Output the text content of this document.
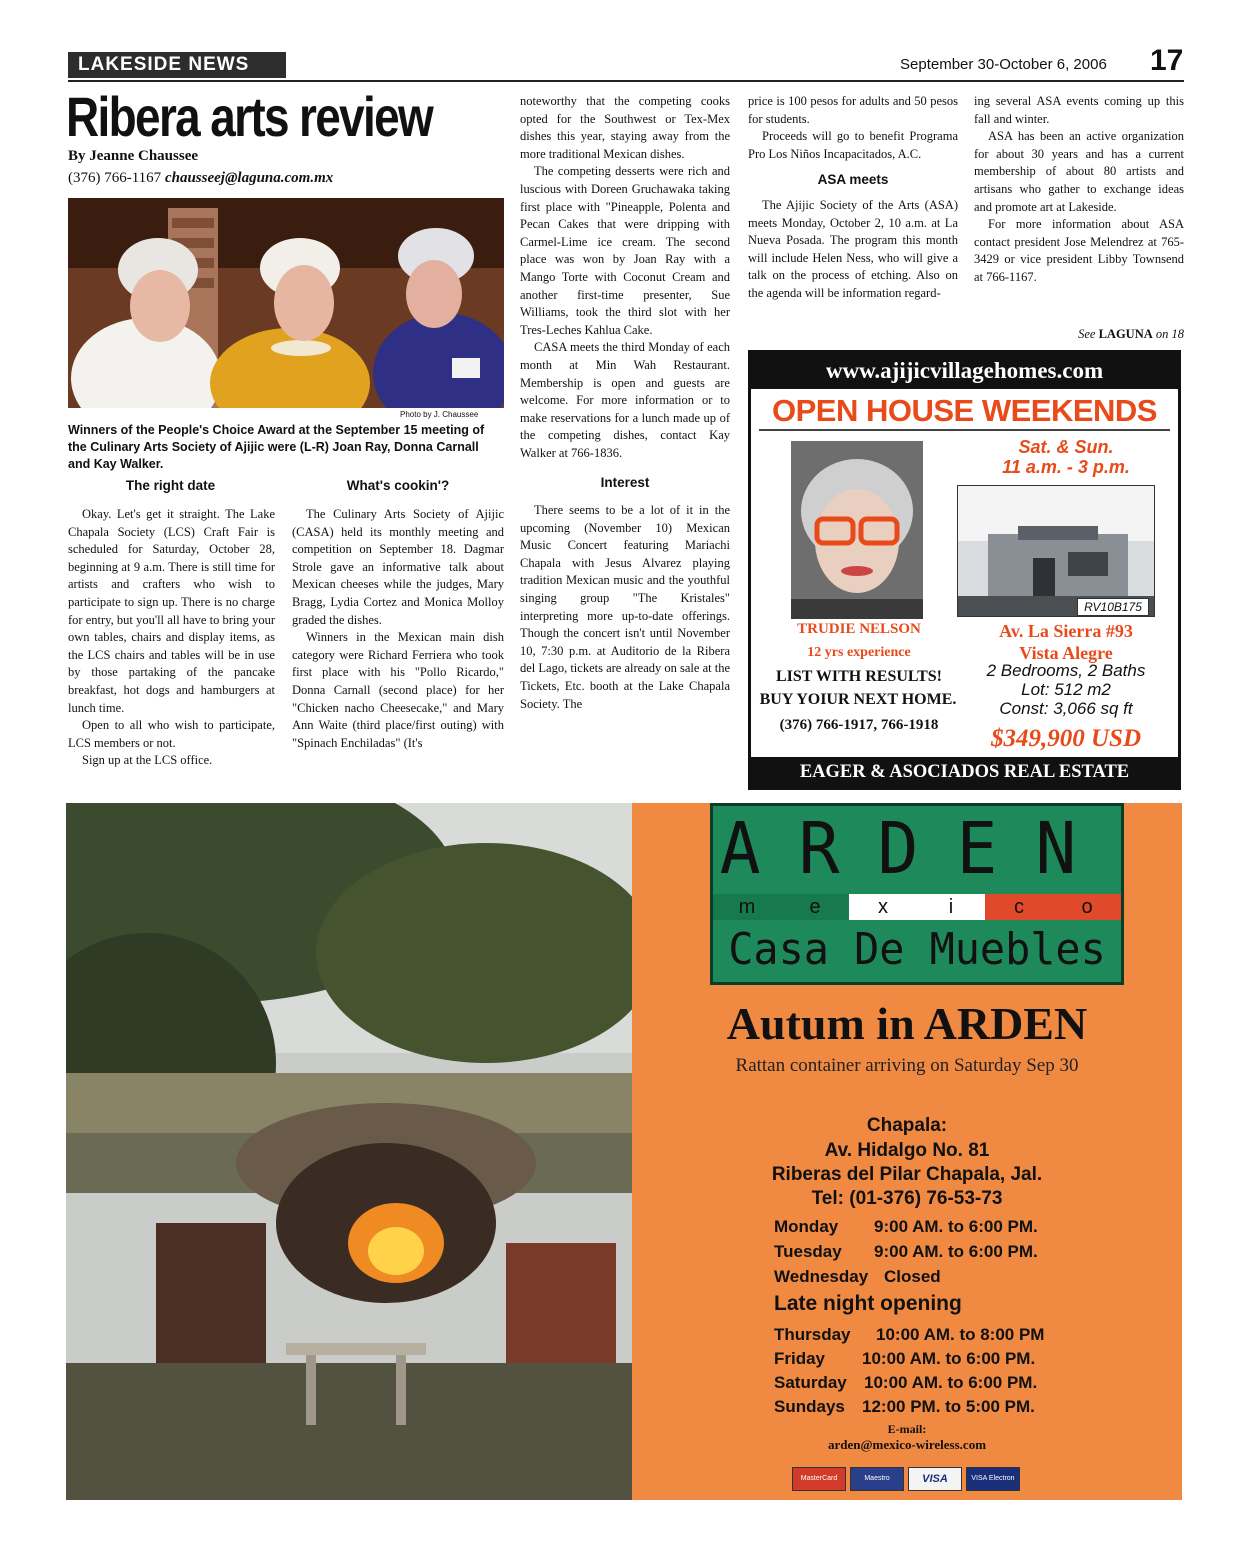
LAKESIDE NEWS	September 30-October 6, 2006 17
Ribera arts review
By Jeanne Chaussee
(376) 766-1167 chausseej@laguna.com.mx
Photo by J. Chaussee
Winners of the People's Choice Award at the September 15 meeting of the Culinary Arts Society of Ajijic were (L-R) Joan Ray, Donna Carnall and Kay Walker.
The right date

Okay. Let's get it straight. The Lake Chapala Society (LCS) Craft Fair is scheduled for Saturday, October 28, beginning at 9 a.m. There is still time for artists and crafters who wish to participate to sign up. There is no charge for entry, but you'll all have to bring your own tables, chairs and display items, as the LCS chairs and tables will be in use by those partaking of the pancake breakfast, hot dogs and hamburgers at lunch time.

Open to all who wish to participate, LCS members or not.

Sign up at the LCS office.

What's cookin'?

The Culinary Arts Society of Ajijic (CASA) held its monthly meeting and competition on September 18. Dagmar Strole gave an informative talk about Mexican cheeses while the judges, Mary Bragg, Lydia Cortez and Monica Molloy graded the dishes.

Winners in the Mexican main dish category were Richard Ferriera who took first place with his "Pollo Ricardo," Donna Carnall (second place) for her "Chicken nacho Cheesecake," and Mary Ann Waite (third place/first outing) with "Spinach Enchiladas" (It's

noteworthy that the competing cooks opted for the Southwest or Tex-Mex dishes this year, staying away from the more traditional Mexican dishes.

The competing desserts were rich and luscious with Doreen Gruchawaka taking first place with "Pineapple, Polenta and Pecan Cakes that were dripping with Carmel-Lime ice cream. The second place was won by Joan Ray with a Mango Torte with Coconut Cream and another first-time presenter, Sue Williams, took the third slot with her Tres-Leches Kahlua Cake.

CASA meets the third Monday of each month at Min Wah Restaurant. Membership is open and guests are welcome. For more information or to make reservations for a lunch made up of the competing dishes, contact Kay Walker at 766-1836.

Interest

There seems to be a lot of it in the upcoming (November 10) Mexican Music Concert featuring Mariachi Chapala with Jesus Alvarez playing tradition Mexican music and the youthful singing group "The Kristales" interpreting more up-to-date offerings. Though the concert isn't until November 10, 7:30 p.m. at Auditorio de la Ribera del Lago, tickets are already on sale at the Tickets, Etc. booth at the Lake Chapala Society. The

price is 100 pesos for adults and 50 pesos for students.

Proceeds will go to benefit Programa Pro Los Niños Incapacitados, A.C.

ASA meets

The Ajijic Society of the Arts (ASA) meets Monday, October 2, 10 a.m. at La Nueva Posada. The program this month will include Helen Ness, who will give a talk on the process of etching. Also on the agenda will be information regard-

ing several ASA events coming up this fall and winter.

ASA has been an active organization for about 30 years and has a current membership of about 80 artists and artisans who gather to exchange ideas and promote art at Lakeside.

For more information about ASA contact president Jose Melendrez at 765-3429 or vice president Libby Townsend at 766-1167.

See LAGUNA on 18
www.ajijicvillagehomes.com
OPEN HOUSE WEEKENDS
TRUDIE NELSON
12 yrs experience
LIST WITH RESULTS!
BUY YOIUR NEXT HOME.
(376) 766-1917, 766-1918
Sat. & Sun.
11 a.m. - 3 p.m.
RV10B175
Av. La Sierra #93
Vista Alegre
2 Bedrooms, 2 Baths
Lot: 512 m2
Const: 3,066 sq ft
$349,900 USD
EAGER & ASOCIADOS REAL ESTATE
ARDEN
m	e	x	i	c	o
Casa De Muebles
Autum in ARDEN
Rattan container arriving on Saturday Sep 30
Chapala:
Av. Hidalgo No. 81
Riberas del Pilar Chapala, Jal.
Tel: (01-376) 76-53-73
Monday 9:00 AM. to 6:00 PM.
Tuesday 9:00 AM. to 6:00 PM.
Wednesday Closed
Late night opening
Thursday 10:00 AM. to 8:00 PM
Friday 10:00 AM. to 6:00 PM.
Saturday 10:00 AM. to 6:00 PM.
Sundays 12:00 PM. to 5:00 PM.
E-mail:
arden@mexico-wireless.com
MasterCard	Maestro	VISA	VISA Electron
